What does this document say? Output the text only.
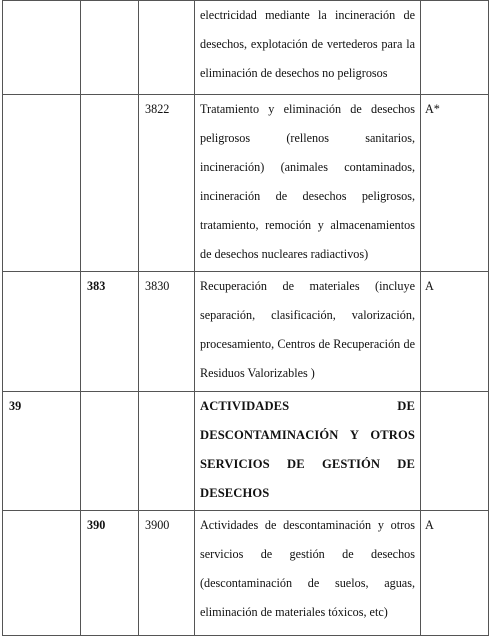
			electricidad mediante la incineración de desechos, explotación de vertederos para la eliminación de desechos no peligrosos	
		3822	Tratamiento y eliminación de desechos peligrosos (rellenos sanitarios, incineración) (animales contaminados, incineración de desechos peligrosos, tratamiento, remoción y almacenamientos de desechos nucleares radiactivos)	A*
	383	3830	Recuperación de materiales (incluye separación, clasificación, valorización, procesamiento, Centros de Recuperación de Residuos Valorizables )	A
39			ACTIVIDADES DE DESCONTAMINACIÓN Y OTROS SERVICIOS DE GESTIÓN DE DESECHOS	
	390	3900	Actividades de descontaminación y otros servicios de gestión de desechos (descontaminación de suelos, aguas, eliminación de materiales tóxicos, etc)	A
